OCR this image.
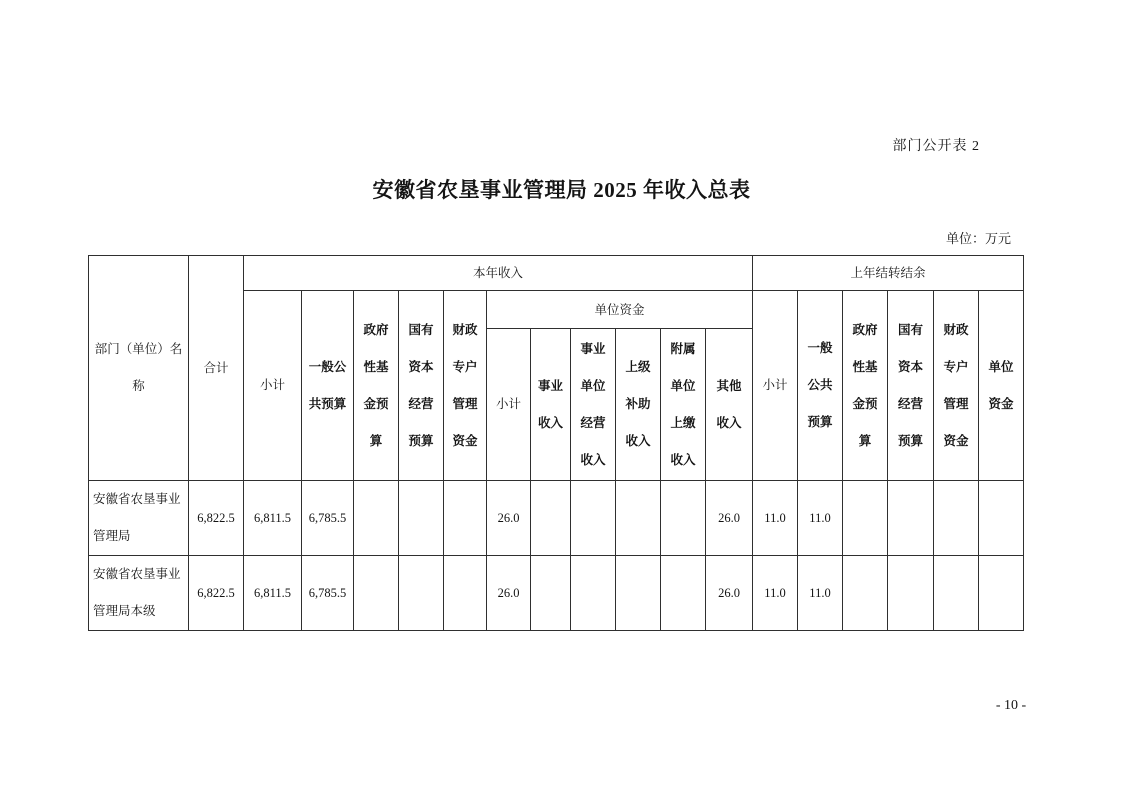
部门公开表 2
安徽省农垦事业管理局 2025 年收入总表
单位：万元
部门（单位）名称	合计	本年收入											上年结转结余					
		小计	一般公共预算	政府性基金预算	国有资本经营预算	财政专户管理资金	单位资金						小计	一般公共预算	政府性基金预算	国有资本经营预算	财政专户管理资金	单位资金
							小计	事业收入	事业单位经营收入	上级补助收入	附属单位上缴收入	其他收入						
安徽省农垦事业管理局	6,822.5	6,811.5	6,785.5				26.0					26.0	11.0	11.0				
安徽省农垦事业管理局本级	6,822.5	6,811.5	6,785.5				26.0					26.0	11.0	11.0				
- 10 -
